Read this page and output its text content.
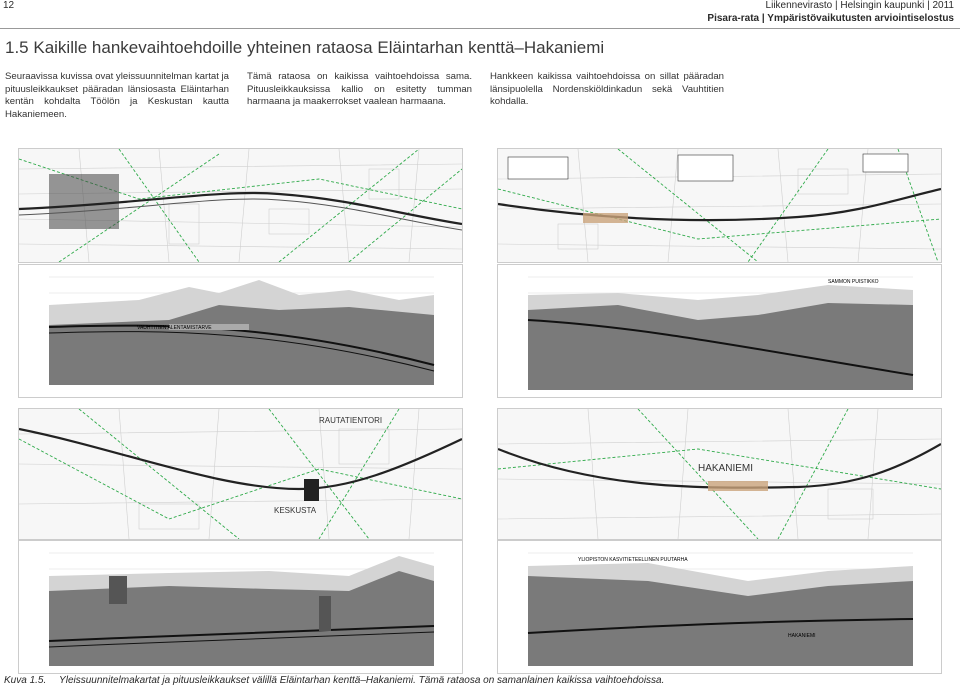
12	Liikennevirasto | Helsingin kaupunki | 2011
Pisara-rata | Ympäristövaikutusten arviointiselostus
1.5 Kaikille hankevaihtoehdoille yhteinen rataosa Eläintarhan kenttä–Hakaniemi

Seuraavissa kuvissa ovat yleissuunnitelman kartat ja pituusleikkaukset pääradan länsiosasta Eläintarhan kentän kohdalta Töölön ja Keskustan kautta Hakaniemeen.

Tämä rataosa on kaikissa vaihtoehdoissa sama. Pituusleikkauksissa kallio on esitetty tumman harmaana ja maakerrokset vaalean harmaana.

Hankkeen kaikissa vaihtoehdoissa on sillat pääradan länsipuolella Nordenskiöldinkadun sekä Vauhtitien kohdalla.

VAUHTITIEN ALENTAMISTARVE
SAMMON PUISTIKKO
RAUTATIENTORI
KESKUSTA
HAKANIEMI
YLIOPISTON KASVITIETEELLINEN PUUTARHA
HAKANIEMI
Kuva 1.5. Yleissuunnitelmakartat ja pituusleikkaukset välillä Eläintarhan kenttä–Hakaniemi. Tämä rataosa on samanlainen kaikissa vaihtoehdoissa.
